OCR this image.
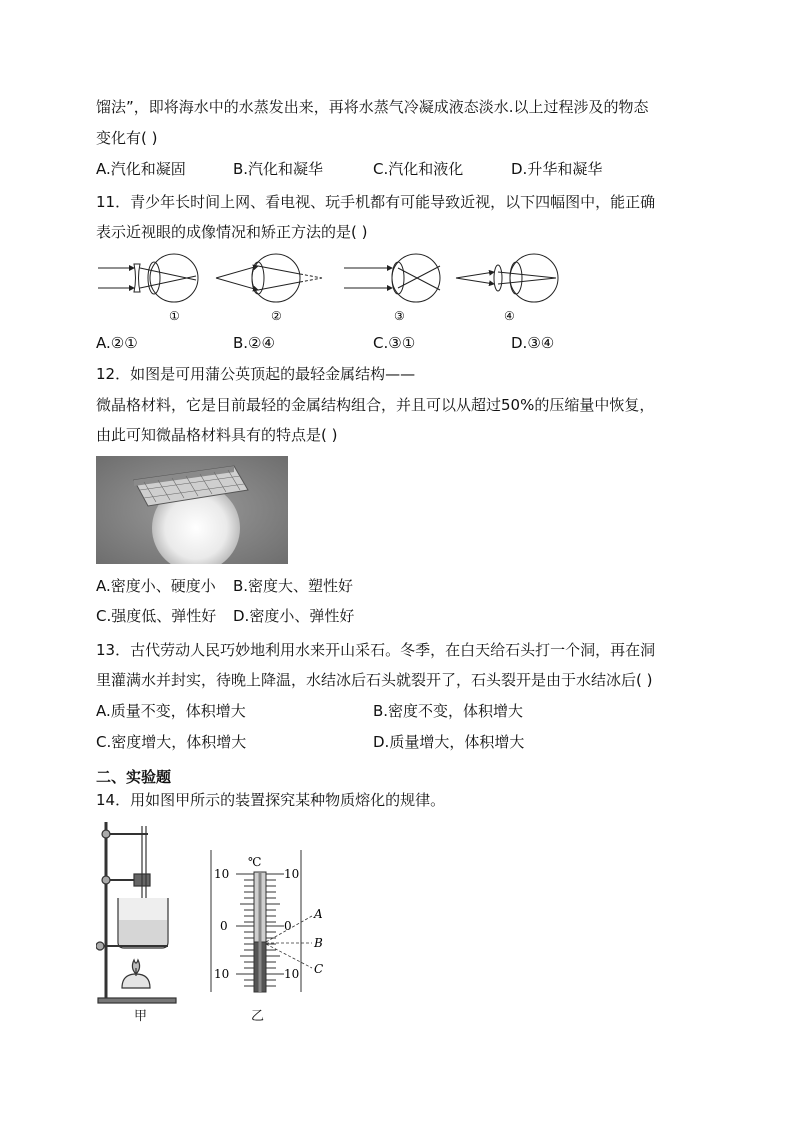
馏法”，即将海水中的水蒸发出来，再将水蒸气冷凝成液态淡水.以上过程涉及的物态
变化有( )
A.汽化和凝固	B.汽化和凝华	C.汽化和液化	D.升华和凝华
11．青少年长时间上网、看电视、玩手机都有可能导致近视，以下四幅图中，能正确
表示近视眼的成像情况和矫正方法的是( )
①	②	③	④
A.②①	B.②④	C.③①	D.③④
12．如图是可用蒲公英顶起的最轻金属结构——
微晶格材料，它是目前最轻的金属结构组合，并且可以从超过50%的压缩量中恢复，
由此可知微晶格材料具有的特点是( )
A.密度小、硬度小 B.密度大、塑性好
C.强度低、弹性好 D.密度小、弹性好
13．古代劳动人民巧妙地利用水来开山采石。冬季，在白天给石头打一个洞，再在洞
里灌满水并封实，待晚上降温，水结冰后石头就裂开了，石头裂开是由于水结冰后( )
A.质量不变，体积增大	B.密度不变，体积增大
C.密度增大，体积增大	D.质量增大，体积增大
二、实验题
14．用如图甲所示的装置探究某种物质熔化的规律。
甲
℃
10
0
10
10
0
10
A
B
C
乙
